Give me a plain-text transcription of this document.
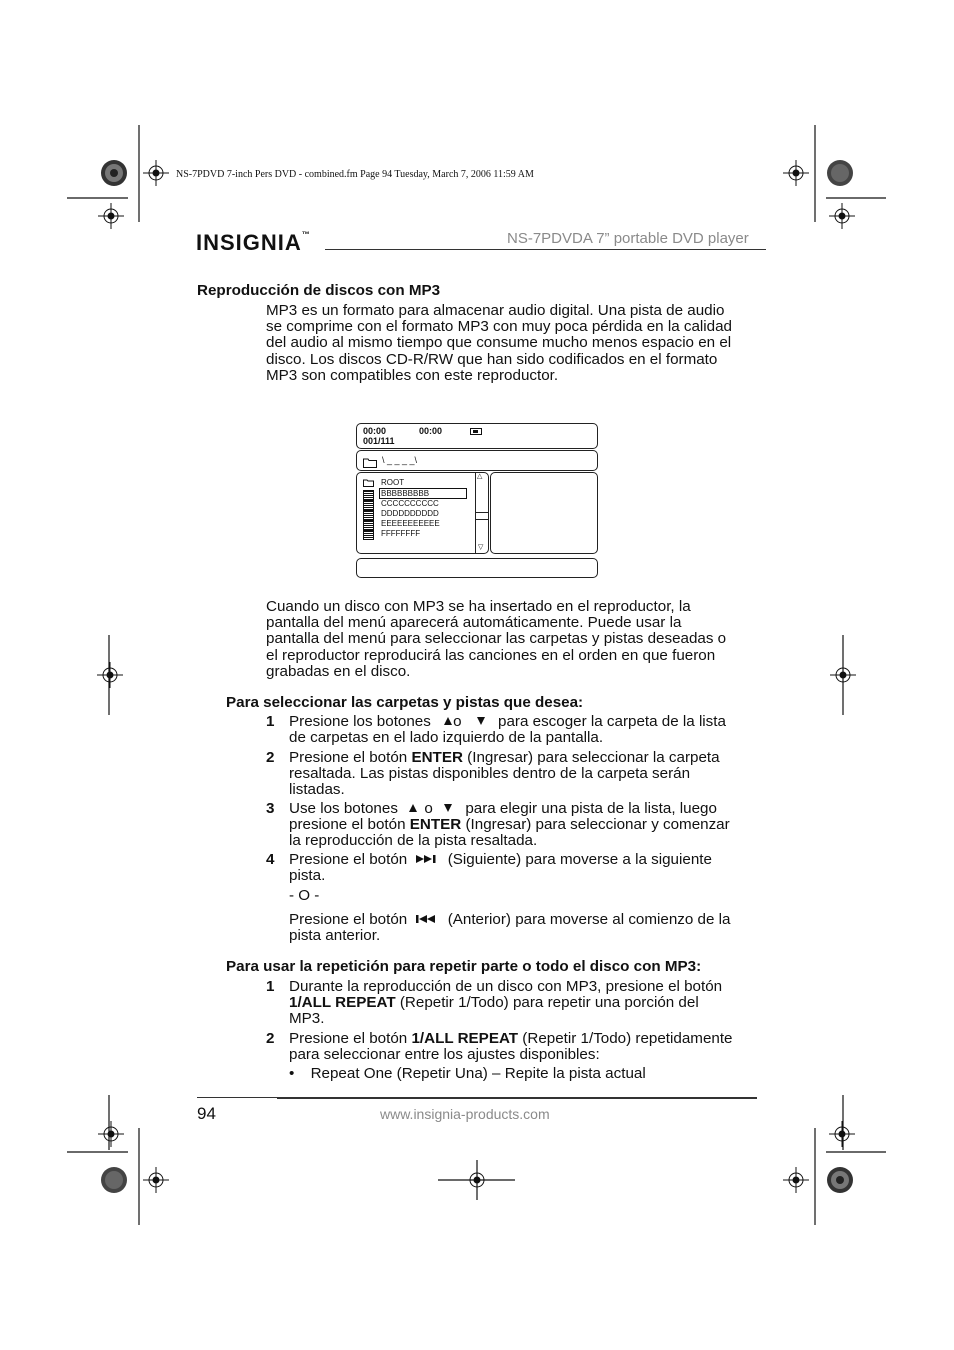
NS-7PDVD 7-inch Pers DVD - combined.fm Page 94 Tuesday, March 7, 2006 11:59 AM
INSIGNIA™	NS-7PDVDA 7” portable DVD player
Reproducción de discos con MP3
MP3 es un formato para almacenar audio digital. Una pista de audio
se comprime con el formato MP3 con muy poca pérdida en la calidad
del audio al mismo tiempo que consume mucho menos espacio en el
disco. Los discos CD-R/RW que han sido codificados en el formato
MP3 son compatibles con este reproductor.
00:00	00:00
001/111
\ _ _ _ _\
△
▽
ROOT
BBBBBBBBB
CCCCCCCCCC
DDDDDDDDDD
EEEEEEEEEEE
FFFFFFFF
Cuando un disco con MP3 se ha insertado en el reproductor, la
pantalla del menú aparecerá automáticamente. Puede usar la
pantalla del menú para seleccionar las carpetas y pistas deseadas o
el reproductor reproducirá las canciones en el orden en que fueron
grabadas en el disco.
Para seleccionar las carpetas y pistas que desea:
1 Presione los botones o para escoger la carpeta de la lista
de carpetas en el lado izquierdo de la pantalla.
2 Presione el botón ENTER (Ingresar) para seleccionar la carpeta
resaltada. Las pistas disponibles dentro de la carpeta serán
listadas.
3 Use los botones o para elegir una pista de la lista, luego
presione el botón ENTER (Ingresar) para seleccionar y comenzar
la reproducción de la pista resaltada.
4 Presione el botón	(Siguiente) para moverse a la siguiente
pista.
- O -
Presione el botón	(Anterior) para moverse al comienzo de la
pista anterior.
Para usar la repetición para repetir parte o todo el disco con MP3:
1 Durante la reproducción de un disco con MP3, presione el botón
1/ALL REPEAT (Repetir 1/Todo) para repetir una porción del
MP3.
2 Presione el botón 1/ALL REPEAT (Repetir 1/Todo) repetidamente
para seleccionar entre los ajustes disponibles:
• Repeat One (Repetir Una) – Repite la pista actual
94	www.insignia-products.com
